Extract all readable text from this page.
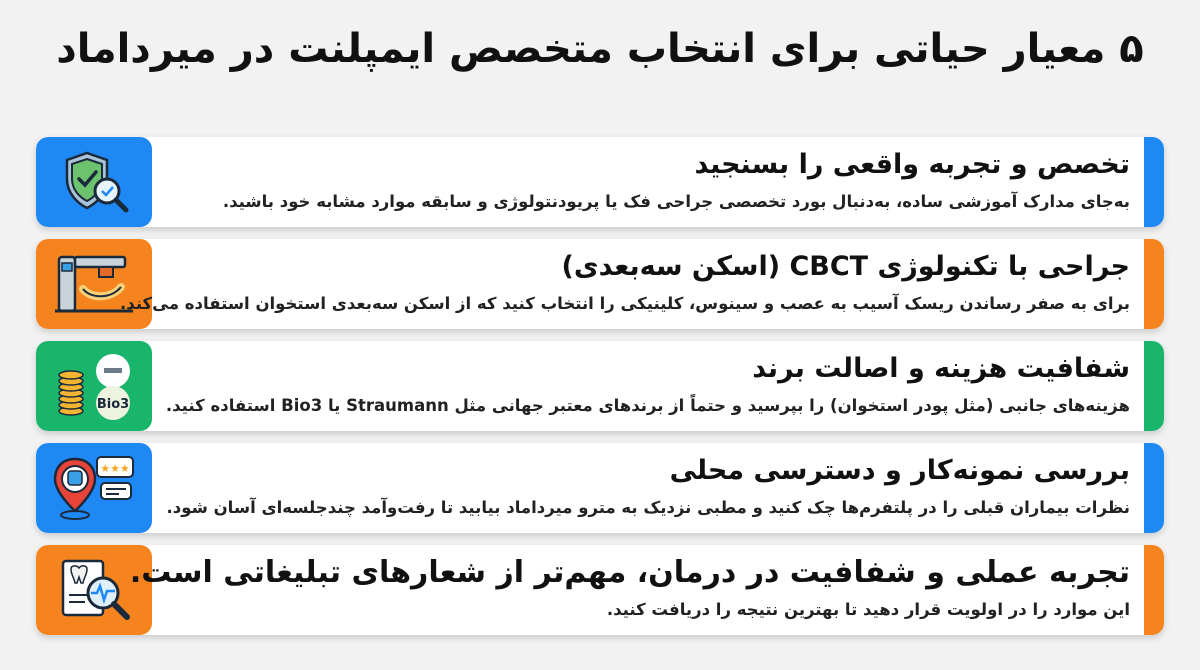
۵ معیار حیاتی برای انتخاب متخصص ایمپلنت در میرداماد
تخصص و تجربه واقعی را بسنجید
به‌جای مدارک آموزشی ساده، به‌دنبال بورد تخصصی جراحی فک یا پریودنتولوژی و سابقه موارد مشابه خود باشید.
جراحی با تکنولوژی CBCT (اسکن سه‌بعدی)
برای به صفر رساندن ریسک آسیب به عصب و سینوس، کلینیکی را انتخاب کنید که از اسکن سه‌بعدی استخوان استفاده می‌کند.
Bio3
شفافیت هزینه و اصالت برند
هزینه‌های جانبی (مثل پودر استخوان) را بپرسید و حتماً از برندهای معتبر جهانی مثل Straumann یا Bio3 استفاده کنید.
★★★	بررسی نمونه‌کار و دسترسی محلی
نظرات بیماران قبلی را در پلتفرم‌ها چک کنید و مطبی نزدیک به مترو میرداماد بیابید تا رفت‌وآمد چندجلسه‌ای آسان شود.
تجربه عملی و شفافیت در درمان، مهم‌تر از شعارهای تبلیغاتی است.
این موارد را در اولویت قرار دهید تا بهترین نتیجه را دریافت کنید.
